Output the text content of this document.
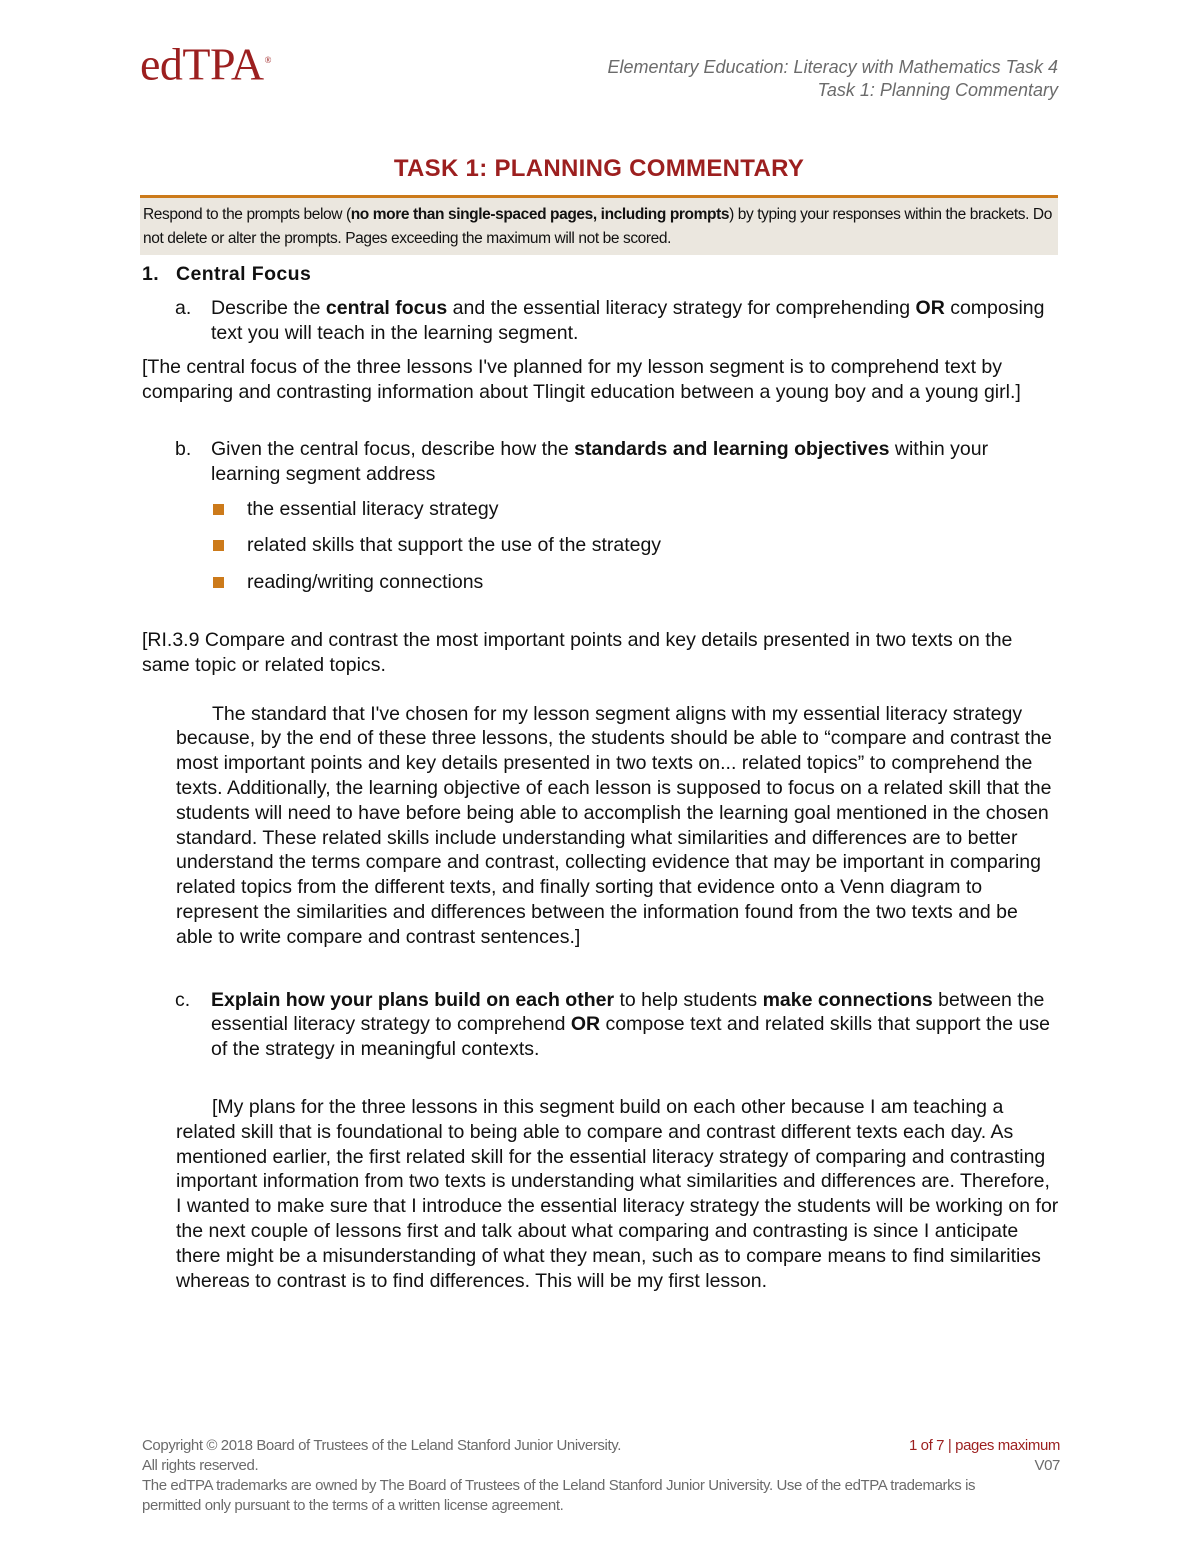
edTPA®	Elementary Education: Literacy with Mathematics Task 4
Task 1: Planning Commentary
TASK 1: PLANNING COMMENTARY
Respond to the prompts below (no more than single-spaced pages, including prompts) by typing your responses within the brackets. Do not delete or alter the prompts. Pages exceeding the maximum will not be scored.
1. Central Focus
a. Describe the central focus and the essential literacy strategy for comprehending OR composing text you will teach in the learning segment.
[The central focus of the three lessons I've planned for my lesson segment is to comprehend text by comparing and contrasting information about Tlingit education between a young boy and a young girl.]
b. Given the central focus, describe how the standards and learning objectives within your learning segment address
the essential literacy strategy
related skills that support the use of the strategy
reading/writing connections
[RI.3.9 Compare and contrast the most important points and key details presented in two texts on the same topic or related topics.
The standard that I've chosen for my lesson segment aligns with my essential literacy strategy because, by the end of these three lessons, the students should be able to “compare and contrast the most important points and key details presented in two texts on... related topics” to comprehend the texts. Additionally, the learning objective of each lesson is supposed to focus on a related skill that the students will need to have before being able to accomplish the learning goal mentioned in the chosen standard. These related skills include understanding what similarities and differences are to better understand the terms compare and contrast, collecting evidence that may be important in comparing related topics from the different texts, and finally sorting that evidence onto a Venn diagram to represent the similarities and differences between the information found from the two texts and be able to write compare and contrast sentences.]
c. Explain how your plans build on each other to help students make connections between the essential literacy strategy to comprehend OR compose text and related skills that support the use of the strategy in meaningful contexts.
[My plans for the three lessons in this segment build on each other because I am teaching a related skill that is foundational to being able to compare and contrast different texts each day. As mentioned earlier, the first related skill for the essential literacy strategy of comparing and contrasting important information from two texts is understanding what similarities and differences are. Therefore, I wanted to make sure that I introduce the essential literacy strategy the students will be working on for the next couple of lessons first and talk about what comparing and contrasting is since I anticipate there might be a misunderstanding of what they mean, such as to compare means to find similarities whereas to contrast is to find differences. This will be my first lesson.
1 of 7 | pages maximum
V07
Copyright © 2018 Board of Trustees of the Leland Stanford Junior University.
All rights reserved.
The edTPA trademarks are owned by The Board of Trustees of the Leland Stanford Junior University. Use of the edTPA trademarks is permitted only pursuant to the terms of a written license agreement.
